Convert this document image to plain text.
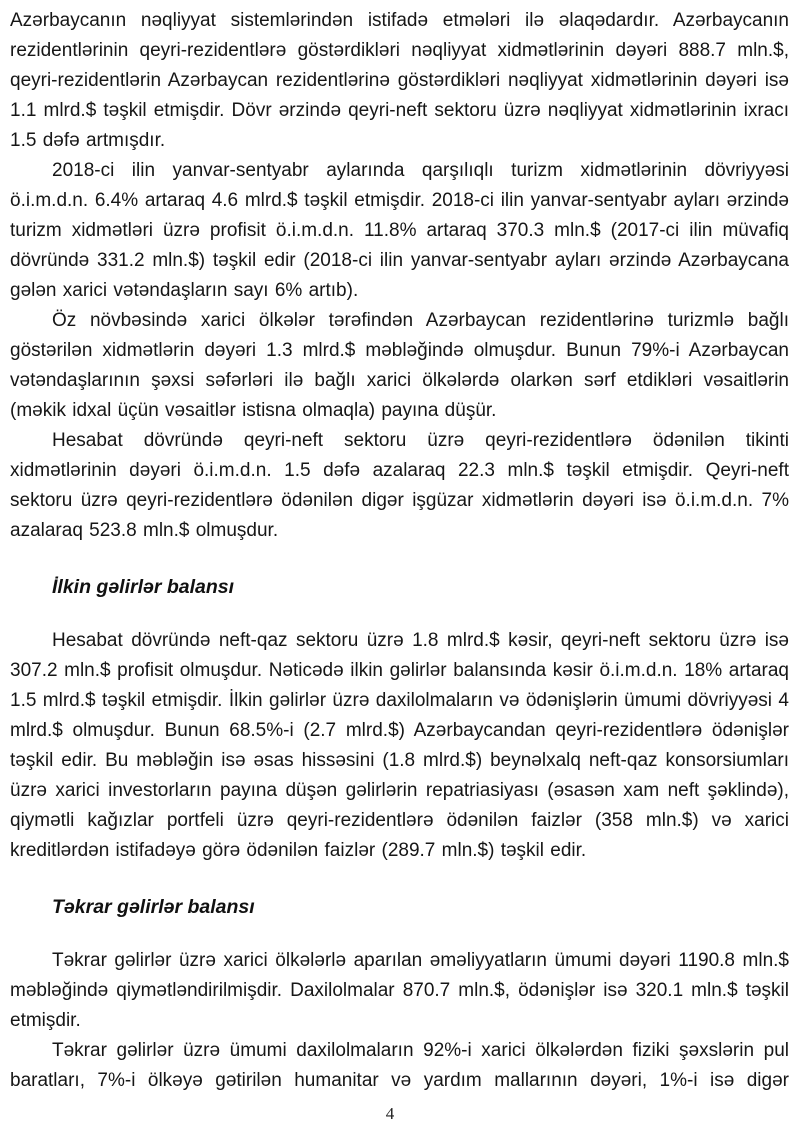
Azərbaycanın nəqliyyat sistemlərindən istifadə etmələri ilə əlaqədardır. Azərbaycanın rezidentlərinin qeyri-rezidentlərə göstərdikləri nəqliyyat xidmətlərinin dəyəri 888.7 mln.$, qeyri-rezidentlərin Azərbaycan rezidentlərinə göstərdikləri nəqliyyat xidmətlərinin dəyəri isə 1.1 mlrd.$ təşkil etmişdir. Dövr ərzində qeyri-neft sektoru üzrə nəqliyyat xidmətlərinin ixracı 1.5 dəfə artmışdır.

2018-ci ilin yanvar-sentyabr aylarında qarşılıqlı turizm xidmətlərinin dövriyyəsi ö.i.m.d.n. 6.4% artaraq 4.6 mlrd.$ təşkil etmişdir. 2018-ci ilin yanvar-sentyabr ayları ərzində turizm xidmətləri üzrə profisit ö.i.m.d.n. 11.8% artaraq 370.3 mln.$ (2017-ci ilin müvafiq dövründə 331.2 mln.$) təşkil edir (2018-ci ilin yanvar-sentyabr ayları ərzində Azərbaycana gələn xarici vətəndaşların sayı 6% artıb).

Öz növbəsində xarici ölkələr tərəfindən Azərbaycan rezidentlərinə turizmlə bağlı göstərilən xidmətlərin dəyəri 1.3 mlrd.$ məbləğində olmuşdur. Bunun 79%-i Azərbaycan vətəndaşlarının şəxsi səfərləri ilə bağlı xarici ölkələrdə olarkən sərf etdikləri vəsaitlərin (məkik idxal üçün vəsaitlər istisna olmaqla) payına düşür.

Hesabat dövründə qeyri-neft sektoru üzrə qeyri-rezidentlərə ödənilən tikinti xidmətlərinin dəyəri ö.i.m.d.n. 1.5 dəfə azalaraq 22.3 mln.$ təşkil etmişdir. Qeyri-neft sektoru üzrə qeyri-rezidentlərə ödənilən digər işgüzar xidmətlərin dəyəri isə ö.i.m.d.n. 7% azalaraq 523.8 mln.$ olmuşdur.

İlkin gəlirlər balansı

Hesabat dövründə neft-qaz sektoru üzrə 1.8 mlrd.$ kəsir, qeyri-neft sektoru üzrə isə 307.2 mln.$ profisit olmuşdur. Nəticədə ilkin gəlirlər balansında kəsir ö.i.m.d.n. 18% artaraq 1.5 mlrd.$ təşkil etmişdir. İlkin gəlirlər üzrə daxilolmaların və ödənişlərin ümumi dövriyyəsi 4 mlrd.$ olmuşdur. Bunun 68.5%-i (2.7 mlrd.$) Azərbaycandan qeyri-rezidentlərə ödənişlər təşkil edir. Bu məbləğin isə əsas hissəsini (1.8 mlrd.$) beynəlxalq neft-qaz konsorsiumları üzrə xarici investorların payına düşən gəlirlərin repatriasiyası (əsasən xam neft şəklində), qiymətli kağızlar portfeli üzrə qeyri-rezidentlərə ödənilən faizlər (358 mln.$) və xarici kreditlərdən istifadəyə görə ödənilən faizlər (289.7 mln.$) təşkil edir.

Təkrar gəlirlər balansı

Təkrar gəlirlər üzrə xarici ölkələrlə aparılan əməliyyatların ümumi dəyəri 1190.8 mln.$ məbləğində qiymətləndirilmişdir. Daxilolmalar 870.7 mln.$, ödənişlər isə 320.1 mln.$ təşkil etmişdir.

Təkrar gəlirlər üzrə ümumi daxilolmaların 92%-i xarici ölkələrdən fiziki şəxslərin pul baratları, 7%-i ölkəyə gətirilən humanitar və yardım mallarının dəyəri, 1%-i isə digər

4
